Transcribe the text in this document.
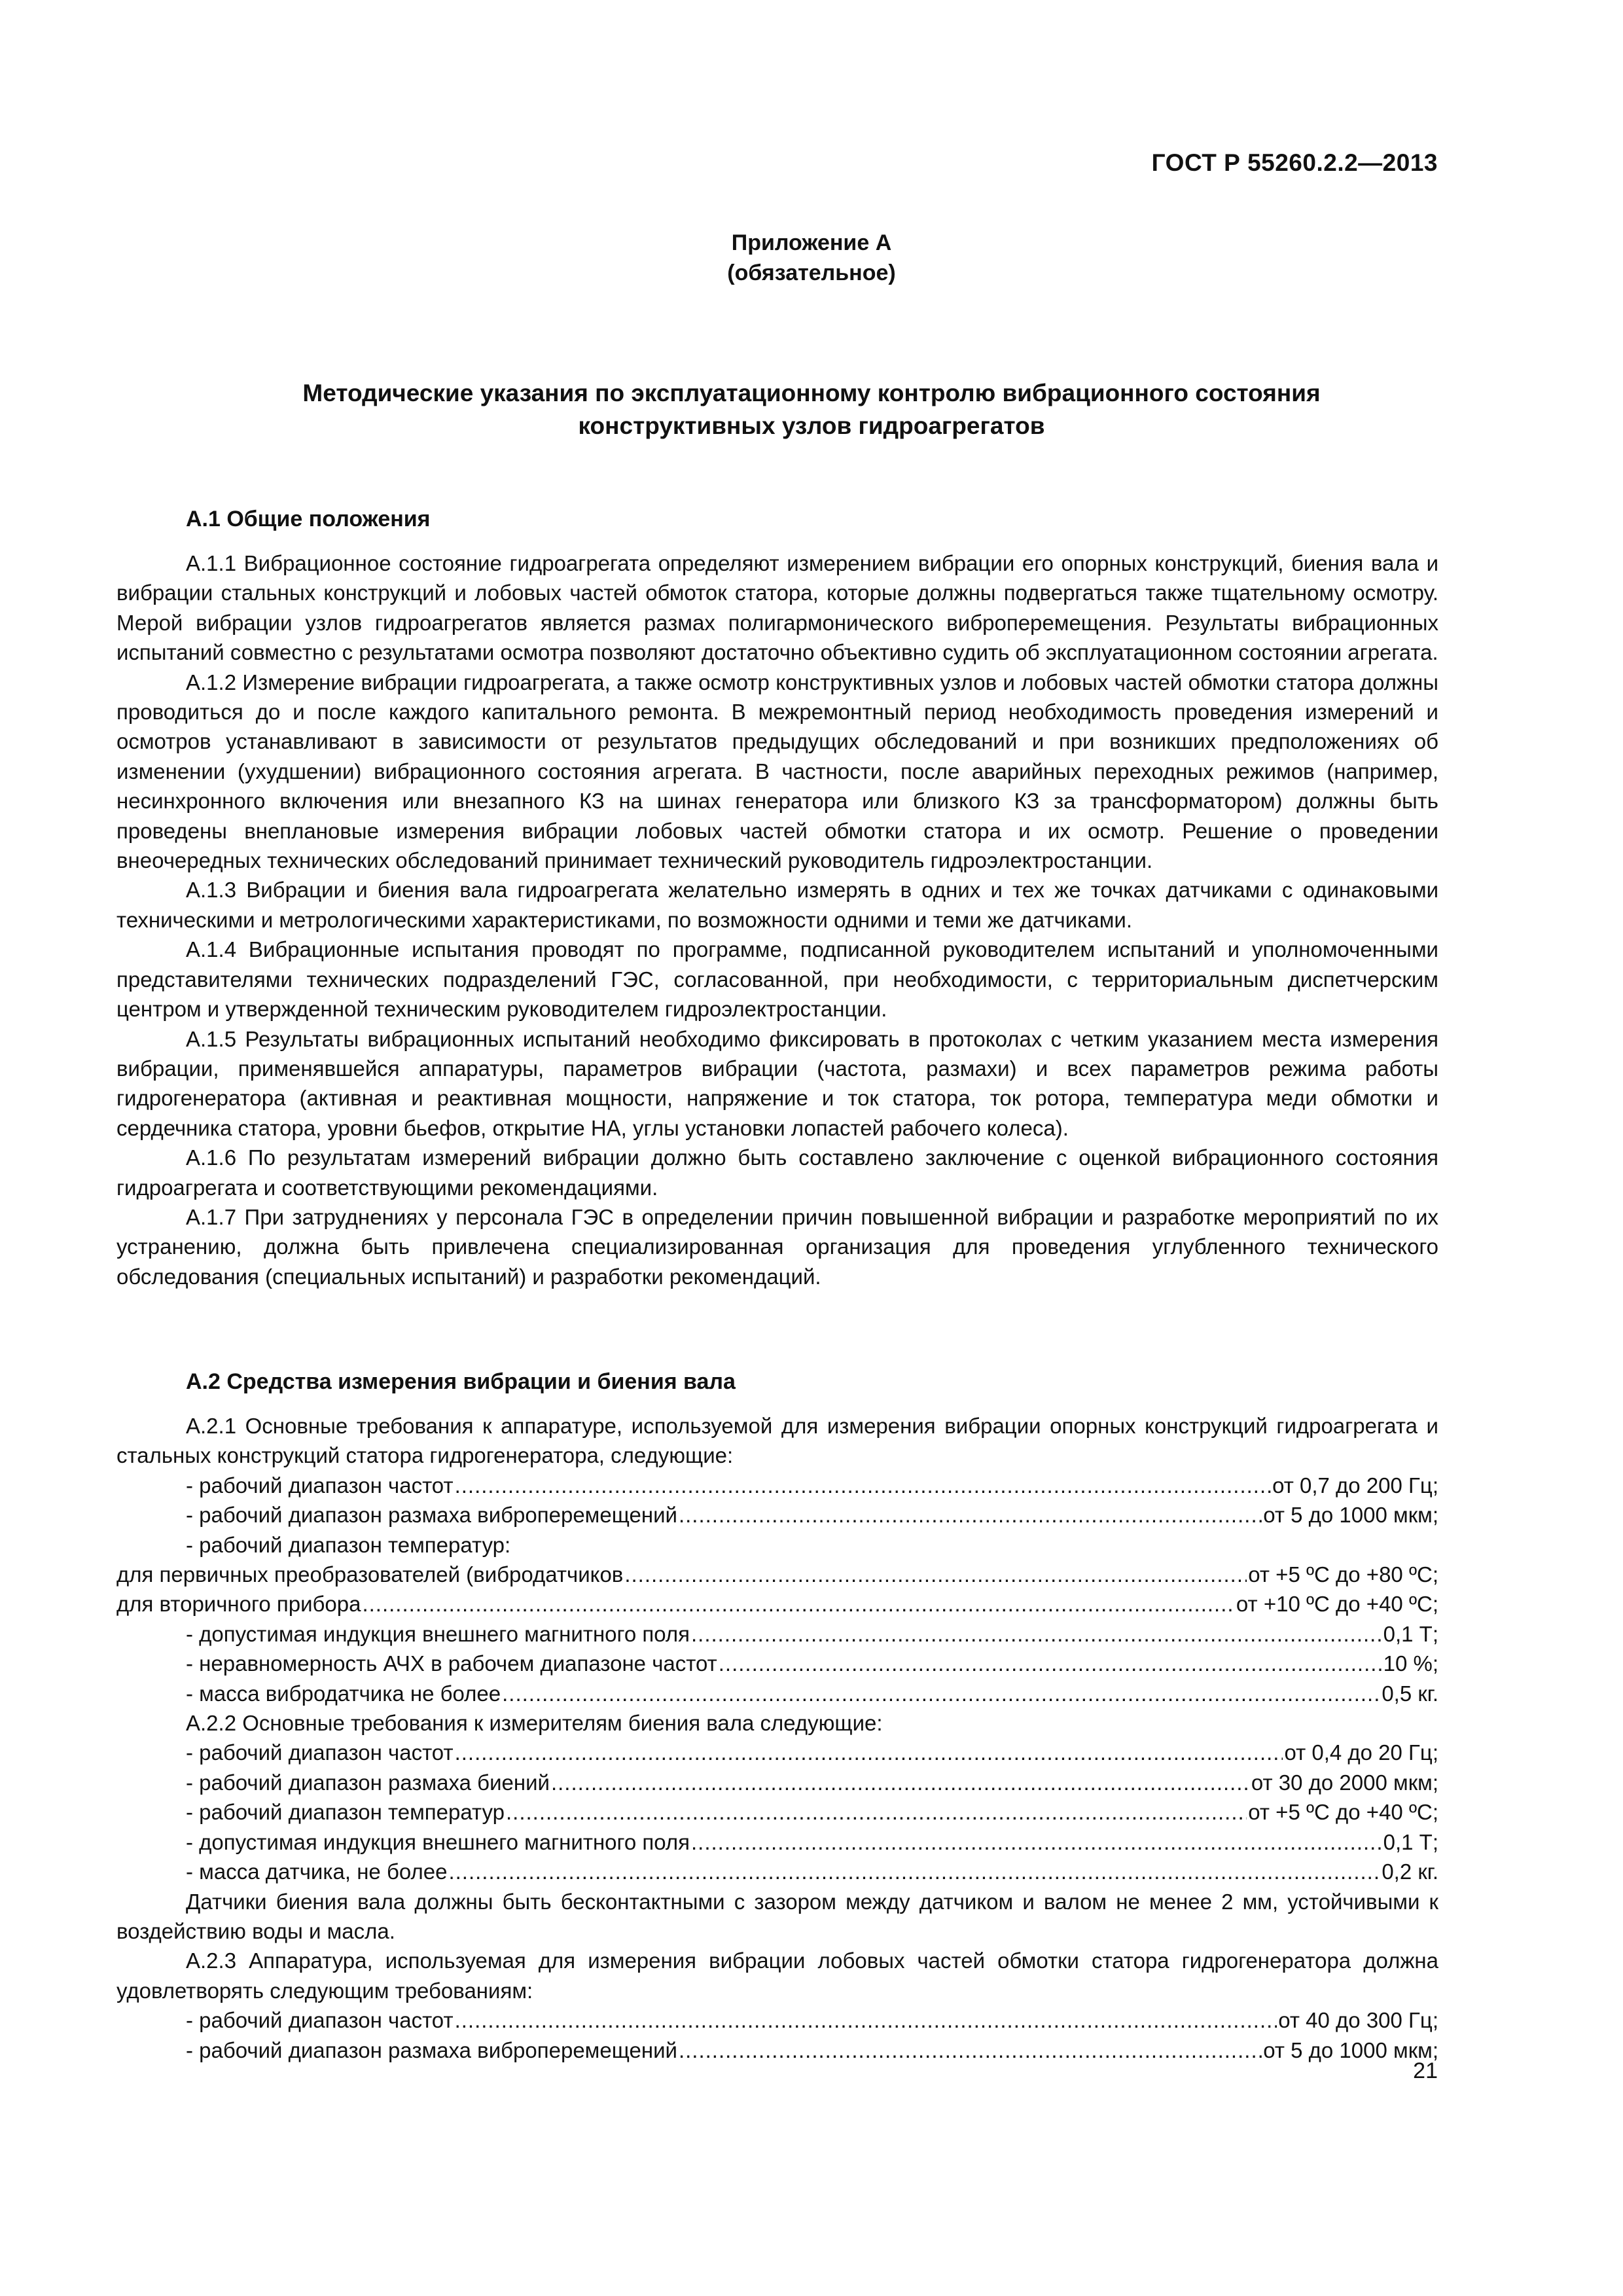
ГОСТ Р 55260.2.2—2013
Приложение А
(обязательное)
Методические указания по эксплуатационному контролю вибрационного состояния
конструктивных узлов гидроагрегатов
А.1 Общие положения

А.1.1 Вибрационное состояние гидроагрегата определяют измерением вибрации его опорных конструкций, биения вала и вибрации стальных конструкций и лобовых частей обмоток статора, которые должны подвергаться также тщательному осмотру. Мерой вибрации узлов гидроагрегатов является размах полигармонического виброперемещения. Результаты вибрационных испытаний совместно с результатами осмотра позволяют достаточно объективно судить об эксплуатационном состоянии агрегата.

А.1.2 Измерение вибрации гидроагрегата, а также осмотр конструктивных узлов и лобовых частей обмотки статора должны проводиться до и после каждого капитального ремонта. В межремонтный период необходимость проведения измерений и осмотров устанавливают в зависимости от результатов предыдущих обследований и при возникших предположениях об изменении (ухудшении) вибрационного состояния агрегата. В частности, после аварийных переходных режимов (например, несинхронного включения или внезапного КЗ на шинах генератора или близкого КЗ за трансформатором) должны быть проведены внеплановые измерения вибрации лобовых частей обмотки статора и их осмотр. Решение о проведении внеочередных технических обследований принимает технический руководитель гидроэлектростанции.

А.1.3 Вибрации и биения вала гидроагрегата желательно измерять в одних и тех же точках датчиками с одинаковыми техническими и метрологическими характеристиками, по возможности одними и теми же датчиками.

А.1.4 Вибрационные испытания проводят по программе, подписанной руководителем испытаний и уполномоченными представителями технических подразделений ГЭС, согласованной, при необходимости, с территориальным диспетчерским центром и утвержденной техническим руководителем гидроэлектростанции.

А.1.5 Результаты вибрационных испытаний необходимо фиксировать в протоколах с четким указанием места измерения вибрации, применявшейся аппаратуры, параметров вибрации (частота, размахи) и всех параметров режима работы гидрогенератора (активная и реактивная мощности, напряжение и ток статора, ток ротора, температура меди обмотки и сердечника статора, уровни бьефов, открытие НА, углы установки лопастей рабочего колеса).

А.1.6 По результатам измерений вибрации должно быть составлено заключение с оценкой вибрационного состояния гидроагрегата и соответствующими рекомендациями.

А.1.7 При затруднениях у персонала ГЭС в определении причин повышенной вибрации и разработке мероприятий по их устранению, должна быть привлечена специализированная организация для проведения углубленного технического обследования (специальных испытаний) и разработки рекомендаций.

А.2 Средства измерения вибрации и биения вала

А.2.1 Основные требования к аппаратуре, используемой для измерения вибрации опорных конструкций гидроагрегата и стальных конструкций статора гидрогенератора, следующие:

- рабочий диапазон частот .....	от 0,7 до 200 Гц;
- рабочий диапазон размаха виброперемещений .....	от 5 до 1000 мкм;
- рабочий диапазон температур:
для первичных преобразователей (вибродатчиков .....	от +5 ºС до +80 ºС;
для вторичного прибора .....	от +10 ºС до +40 ºС;
- допустимая индукция внешнего магнитного поля .....	0,1 Т;
- неравномерность АЧХ в рабочем диапазоне частот .....	10 %;
- масса вибродатчика не более .....	0,5 кг.
А.2.2 Основные требования к измерителям биения вала следующие:
- рабочий диапазон частот .....	от 0,4 до 20 Гц;
- рабочий диапазон размаха биений .....	от 30 до 2000 мкм;
- рабочий диапазон температур .....	от +5 ºС до +40 ºС;
- допустимая индукция внешнего магнитного поля .....	0,1 Т;
- масса датчика, не более .....	0,2 кг.

Датчики биения вала должны быть бесконтактными с зазором между датчиком и валом не менее 2 мм, устойчивыми к воздействию воды и масла.

А.2.3 Аппаратура, используемая для измерения вибрации лобовых частей обмотки статора гидрогенератора должна удовлетворять следующим требованиям:

- рабочий диапазон частот .....	от 40 до 300 Гц;
- рабочий диапазон размаха виброперемещений .....	от 5 до 1000 мкм;
21
